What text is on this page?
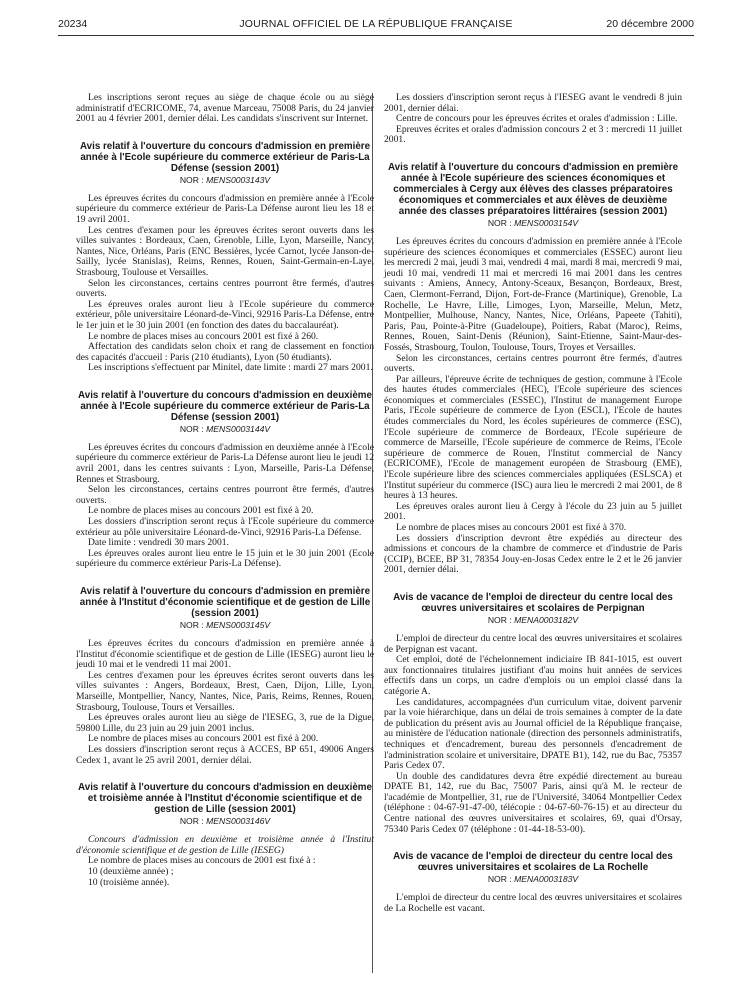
20234	JOURNAL OFFICIEL DE LA RÉPUBLIQUE FRANÇAISE	20 décembre 2000

Les inscriptions seront reçues au siège de chaque école ou au siège administratif d'ECRICOME, 74, avenue Marceau, 75008 Paris, du 24 janvier 2001 au 4 février 2001, dernier délai. Les candidats s'inscrivent sur Internet.

Avis relatif à l'ouverture du concours d'admission en première année à l'Ecole supérieure du commerce extérieur de Paris-La Défense (session 2001)
NOR : MENS0003143V

Les épreuves écrites du concours d'admission en première année à l'Ecole supérieure du commerce extérieur de Paris-La Défense auront lieu les 18 et 19 avril 2001.

Les centres d'examen pour les épreuves écrites seront ouverts dans les villes suivantes : Bordeaux, Caen, Grenoble, Lille, Lyon, Marseille, Nancy, Nantes, Nice, Orléans, Paris (ENC Bessières, lycée Carnot, lycée Janson-de-Sailly, lycée Stanislas), Reims, Rennes, Rouen, Saint-Germain-en-Laye, Strasbourg, Toulouse et Versailles.

Selon les circonstances, certains centres pourront être fermés, d'autres ouverts.

Les épreuves orales auront lieu à l'Ecole supérieure du commerce extérieur, pôle universitaire Léonard-de-Vinci, 92916 Paris-La Défense, entre le 1er juin et le 30 juin 2001 (en fonction des dates du baccalauréat).

Le nombre de places mises au concours 2001 est fixé à 260.

Affectation des candidats selon choix et rang de classement en fonction des capacités d'accueil : Paris (210 étudiants), Lyon (50 étudiants).

Les inscriptions s'effectuent par Minitel, date limite : mardi 27 mars 2001.

Avis relatif à l'ouverture du concours d'admission en deuxième année à l'Ecole supérieure du commerce extérieur de Paris-La Défense (session 2001)
NOR : MENS0003144V

Les épreuves écrites du concours d'admission en deuxième année à l'Ecole supérieure du commerce extérieur de Paris-La Défense auront lieu le jeudi 12 avril 2001, dans les centres suivants : Lyon, Marseille, Paris-La Défense, Rennes et Strasbourg.

Selon les circonstances, certains centres pourront être fermés, d'autres ouverts.

Le nombre de places mises au concours 2001 est fixé à 20.

Les dossiers d'inscription seront reçus à l'Ecole supérieure du commerce extérieur au pôle universitaire Léonard-de-Vinci, 92916 Paris-La Défense.

Date limite : vendredi 30 mars 2001.

Les épreuves orales auront lieu entre le 15 juin et le 30 juin 2001 (Ecole supérieure du commerce extérieur Paris-La Défense).

Avis relatif à l'ouverture du concours d'admission en première année à l'Institut d'économie scientifique et de gestion de Lille (session 2001)
NOR : MENS0003145V

Les épreuves écrites du concours d'admission en première année à l'Institut d'économie scientifique et de gestion de Lille (IESEG) auront lieu le jeudi 10 mai et le vendredi 11 mai 2001.

Les centres d'examen pour les épreuves écrites seront ouverts dans les villes suivantes : Angers, Bordeaux, Brest, Caen, Dijon, Lille, Lyon, Marseille, Montpellier, Nancy, Nantes, Nice, Paris, Reims, Rennes, Rouen, Strasbourg, Toulouse, Tours et Versailles.

Les épreuves orales auront lieu au siège de l'IESEG, 3, rue de la Digue, 59800 Lille, du 23 juin au 29 juin 2001 inclus.

Le nombre de places mises au concours 2001 est fixé à 200.

Les dossiers d'inscription seront reçus à ACCES, BP 651, 49006 Angers Cedex 1, avant le 25 avril 2001, dernier délai.

Avis relatif à l'ouverture du concours d'admission en deuxième et troisième année à l'Institut d'économie scientifique et de gestion de Lille (session 2001)
NOR : MENS0003146V

Concours d'admission en deuxième et troisième année à l'Institut d'économie scientifique et de gestion de Lille (IESEG)

Le nombre de places mises au concours de 2001 est fixé à :

10 (deuxième année) ;

10 (troisième année).

Les dossiers d'inscription seront reçus à l'IESEG avant le vendredi 8 juin 2001, dernier délai.

Centre de concours pour les épreuves écrites et orales d'admission : Lille.

Epreuves écrites et orales d'admission concours 2 et 3 : mercredi 11 juillet 2001.

Avis relatif à l'ouverture du concours d'admission en première année à l'Ecole supérieure des sciences économiques et commerciales à Cergy aux élèves des classes préparatoires économiques et commerciales et aux élèves de deuxième année des classes préparatoires littéraires (session 2001)
NOR : MENS0003154V

Les épreuves écrites du concours d'admission en première année à l'Ecole supérieure des sciences économiques et commerciales (ESSEC) auront lieu les mercredi 2 mai, jeudi 3 mai, vendredi 4 mai, mardi 8 mai, mercredi 9 mai, jeudi 10 mai, vendredi 11 mai et mercredi 16 mai 2001 dans les centres suivants : Amiens, Annecy, Antony-Sceaux, Besançon, Bordeaux, Brest, Caen, Clermont-Ferrand, Dijon, Fort-de-France (Martinique), Grenoble, La Rochelle, Le Havre, Lille, Limoges, Lyon, Marseille, Melun, Metz, Montpellier, Mulhouse, Nancy, Nantes, Nice, Orléans, Papeete (Tahiti), Paris, Pau, Pointe-à-Pitre (Guadeloupe), Poitiers, Rabat (Maroc), Reims, Rennes, Rouen, Saint-Denis (Réunion), Saint-Etienne, Saint-Maur-des-Fossés, Strasbourg, Toulon, Toulouse, Tours, Troyes et Versailles.

Selon les circonstances, certains centres pourront être fermés, d'autres ouverts.

Par ailleurs, l'épreuve écrite de techniques de gestion, commune à l'Ecole des hautes études commerciales (HEC), l'Ecole supérieure des sciences économiques et commerciales (ESSEC), l'Institut de management Europe Paris, l'Ecole supérieure de commerce de Lyon (ESCL), l'Ecole de hautes études commerciales du Nord, les écoles supérieures de commerce (ESC), l'Ecole supérieure de commerce de Bordeaux, l'Ecole supérieure de commerce de Marseille, l'Ecole supérieure de commerce de Reims, l'Ecole supérieure de commerce de Rouen, l'Institut commercial de Nancy (ECRICOME), l'Ecole de management européen de Strasbourg (EME), l'Ecole supérieure libre des sciences commerciales appliquées (ESLSCA) et l'Institut supérieur du commerce (ISC) aura lieu le mercredi 2 mai 2001, de 8 heures à 13 heures.

Les épreuves orales auront lieu à Cergy à l'école du 23 juin au 5 juillet 2001.

Le nombre de places mises au concours 2001 est fixé à 370.

Les dossiers d'inscription devront être expédiés au directeur des admissions et concours de la chambre de commerce et d'industrie de Paris (CCIP), BCEE, BP 31, 78354 Jouy-en-Josas Cedex entre le 2 et le 26 janvier 2001, dernier délai.

Avis de vacance de l'emploi de directeur du centre local des œuvres universitaires et scolaires de Perpignan
NOR : MENA0003182V

L'emploi de directeur du centre local des œuvres universitaires et scolaires de Perpignan est vacant.

Cet emploi, doté de l'échelonnement indiciaire IB 841-1015, est ouvert aux fonctionnaires titulaires justifiant d'au moins huit années de services effectifs dans un corps, un cadre d'emplois ou un emploi classé dans la catégorie A.

Les candidatures, accompagnées d'un curriculum vitae, doivent parvenir par la voie hiérarchique, dans un délai de trois semaines à compter de la date de publication du présent avis au Journal officiel de la République française, au ministère de l'éducation nationale (direction des personnels administratifs, techniques et d'encadrement, bureau des personnels d'encadrement de l'administration scolaire et universitaire, DPATE B1), 142, rue du Bac, 75357 Paris Cedex 07.

Un double des candidatures devra être expédié directement au bureau DPATE B1, 142, rue du Bac, 75007 Paris, ainsi qu'à M. le recteur de l'académie de Montpellier, 31, rue de l'Université, 34064 Montpellier Cedex (téléphone : 04-67-91-47-00, télécopie : 04-67-60-76-15) et au directeur du Centre national des œuvres universitaires et scolaires, 69, quai d'Orsay, 75340 Paris Cedex 07 (téléphone : 01-44-18-53-00).

Avis de vacance de l'emploi de directeur du centre local des œuvres universitaires et scolaires de La Rochelle
NOR : MENA0003183V

L'emploi de directeur du centre local des œuvres universitaires et scolaires de La Rochelle est vacant.
